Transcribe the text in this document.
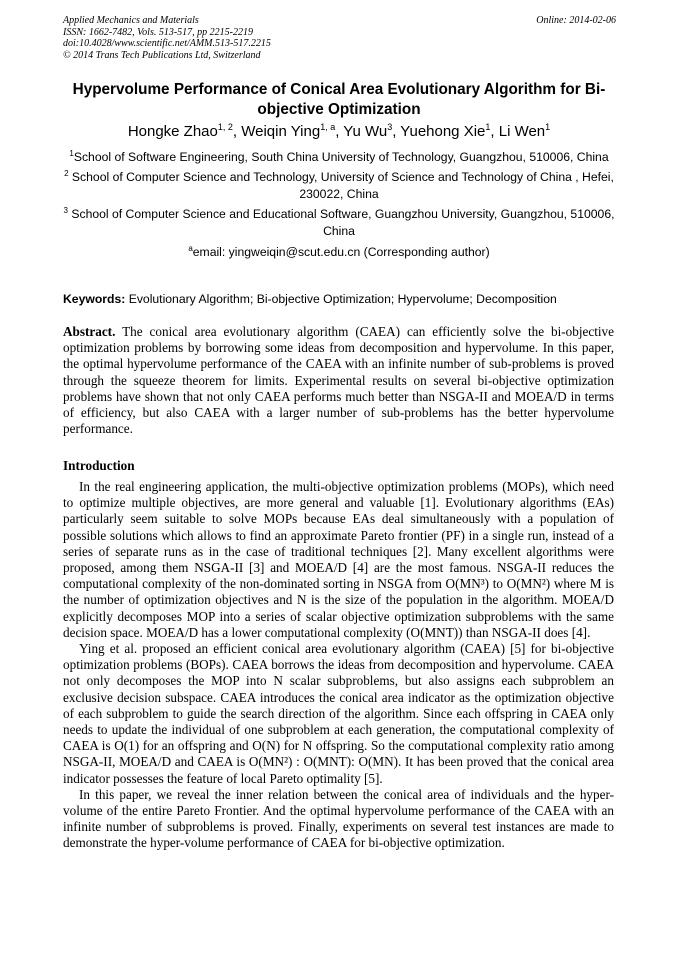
Applied Mechanics and Materials
ISSN: 1662-7482, Vols. 513-517, pp 2215-2219
doi:10.4028/www.scientific.net/AMM.513-517.2215
© 2014 Trans Tech Publications Ltd, Switzerland
Online: 2014-02-06
Hypervolume Performance of Conical Area Evolutionary Algorithm for Bi-objective Optimization
Hongke Zhao$^{1, 2}$, Weiqin Ying$^{1, a}$, Yu Wu$^3$, Yuehong Xie$^1$, Li Wen$^1$
$^1$School of Software Engineering, South China University of Technology, Guangzhou, 510006, China
$^2$ School of Computer Science and Technology, University of Science and Technology of China , Hefei, 230022, China
$^3$ School of Computer Science and Educational Software, Guangzhou University, Guangzhou, 510006, China
$^a$email: yingweiqin@scut.edu.cn (Corresponding author)
Keywords: Evolutionary Algorithm; Bi-objective Optimization; Hypervolume; Decomposition
Abstract. The conical area evolutionary algorithm (CAEA) can efficiently solve the bi-objective optimization problems by borrowing some ideas from decomposition and hypervolume. In this paper, the optimal hypervolume performance of the CAEA with an infinite number of sub-problems is proved through the squeeze theorem for limits. Experimental results on several bi-objective optimization problems have shown that not only CAEA performs much better than NSGA-II and MOEA/D in terms of efficiency, but also CAEA with a larger number of sub-problems has the better hypervolume performance.
Introduction

In the real engineering application, the multi-objective optimization problems (MOPs), which need to optimize multiple objectives, are more general and valuable [1]. Evolutionary algorithms (EAs) particularly seem suitable to solve MOPs because EAs deal simultaneously with a population of possible solutions which allows to find an approximate Pareto frontier (PF) in a single run, instead of a series of separate runs as in the case of traditional techniques [2]. Many excellent algorithms were proposed, among them NSGA-II [3] and MOEA/D [4] are the most famous. NSGA-II reduces the computational complexity of the non-dominated sorting in NSGA from O(MN³) to O(MN²) where M is the number of optimization objectives and N is the size of the population in the algorithm. MOEA/D explicitly decomposes MOP into a series of scalar objective optimization subproblems with the same decision space. MOEA/D has a lower computational complexity (O(MNT)) than NSGA-II does [4].

Ying et al. proposed an efficient conical area evolutionary algorithm (CAEA) [5] for bi-objective optimization problems (BOPs). CAEA borrows the ideas from decomposition and hypervolume. CAEA not only decomposes the MOP into N scalar subproblems, but also assigns each subproblem an exclusive decision subspace. CAEA introduces the conical area indicator as the optimization objective of each subproblem to guide the search direction of the algorithm. Since each offspring in CAEA only needs to update the individual of one subproblem at each generation, the computational complexity of CAEA is O(1) for an offspring and O(N) for N offspring. So the computational complexity ratio among NSGA-II, MOEA/D and CAEA is O(MN²) : O(MNT): O(MN). It has been proved that the conical area indicator possesses the feature of local Pareto optimality [5].

In this paper, we reveal the inner relation between the conical area of individuals and the hyper-volume of the entire Pareto Frontier. And the optimal hypervolume performance of the CAEA with an infinite number of subproblems is proved. Finally, experiments on several test instances are made to demonstrate the hyper-volume performance of CAEA for bi-objective optimization.
